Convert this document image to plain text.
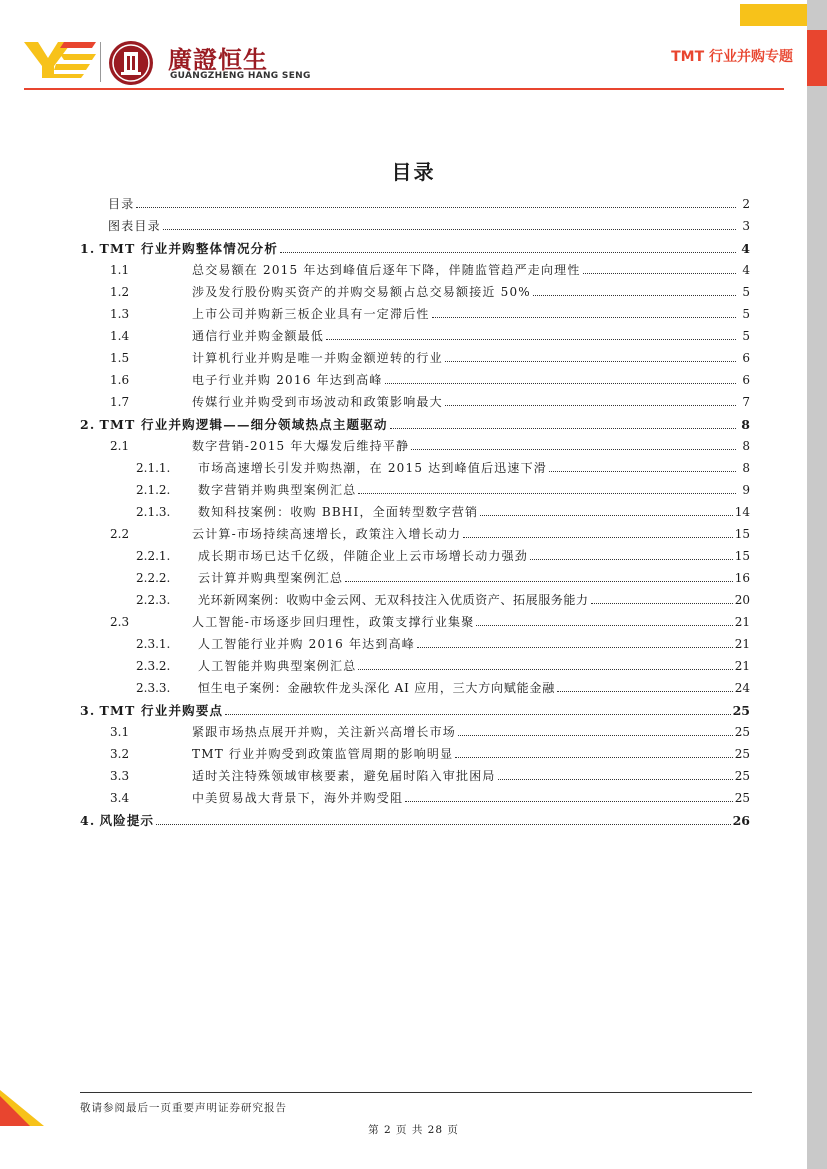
廣證恒生
GUANGZHENG HANG SENG
TMT 行业并购专题
目录
目录	2
图表目录	3
1. TMT 行业并购整体情况分析	4
1.1	总交易额在 2015 年达到峰值后逐年下降，伴随监管趋严走向理性	4
1.2	涉及发行股份购买资产的并购交易额占总交易额接近 50%	5
1.3	上市公司并购新三板企业具有一定滞后性	5
1.4	通信行业并购金额最低	5
1.5	计算机行业并购是唯一并购金额逆转的行业	6
1.6	电子行业并购 2016 年达到高峰	6
1.7	传媒行业并购受到市场波动和政策影响最大	7
2. TMT 行业并购逻辑——细分领域热点主题驱动	8
2.1	数字营销-2015 年大爆发后维持平静	8
2.1.1.	市场高速增长引发并购热潮，在 2015 达到峰值后迅速下滑	8
2.1.2.	数字营销并购典型案例汇总	9
2.1.3.	数知科技案例：收购 BBHI，全面转型数字营销	14
2.2	云计算-市场持续高速增长，政策注入增长动力	15
2.2.1.	成长期市场已达千亿级，伴随企业上云市场增长动力强劲	15
2.2.2.	云计算并购典型案例汇总	16
2.2.3.	光环新网案例：收购中金云网、无双科技注入优质资产、拓展服务能力	20
2.3	人工智能-市场逐步回归理性，政策支撑行业集聚	21
2.3.1.	人工智能行业并购 2016 年达到高峰	21
2.3.2.	人工智能并购典型案例汇总	21
2.3.3.	恒生电子案例：金融软件龙头深化 AI 应用，三大方向赋能金融	24
3. TMT 行业并购要点	25
3.1	紧跟市场热点展开并购，关注新兴高增长市场	25
3.2	TMT 行业并购受到政策监管周期的影响明显	25
3.3	适时关注特殊领域审核要素，避免届时陷入审批困局	25
3.4	中美贸易战大背景下，海外并购受阻	25
4. 风险提示	26
敬请参阅最后一页重要声明证券研究报告
第 2 页 共 28 页
